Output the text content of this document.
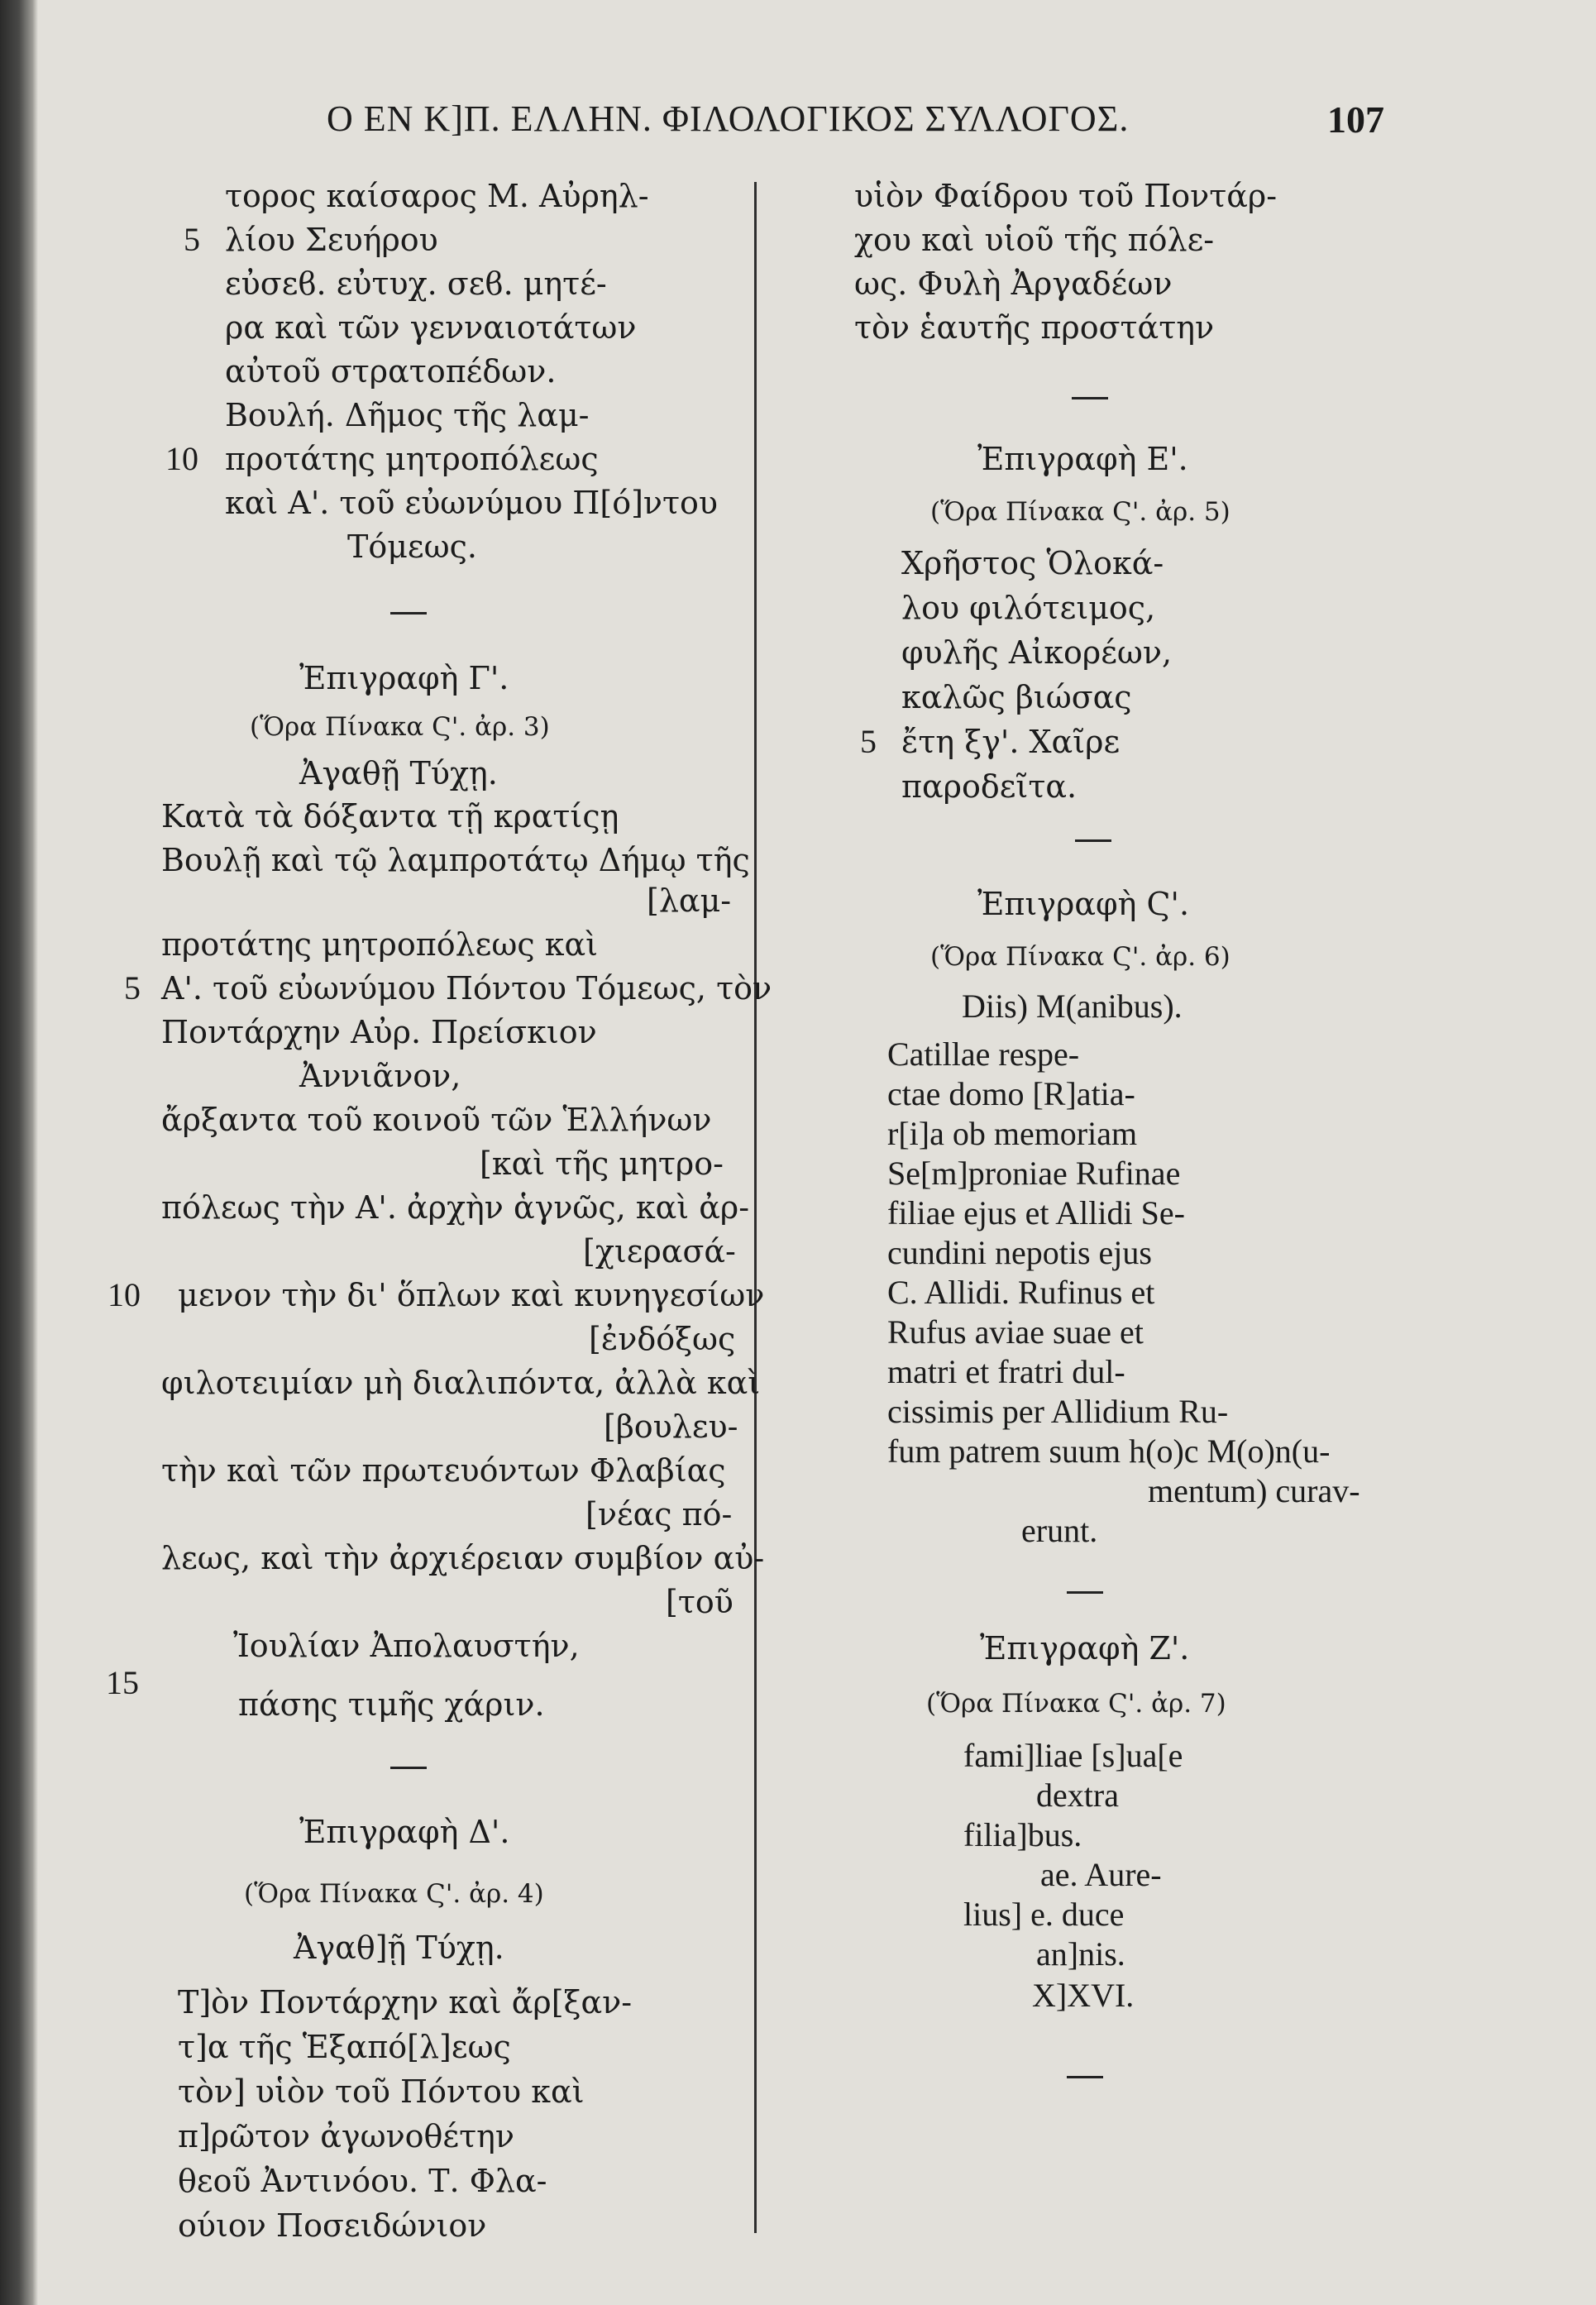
Ο ΕΝ Κ]Π. ΕΛΛΗΝ. ΦΙΛΟΛΟΓΙΚΟΣ ΣΥΛΛΟΓΟΣ.	107
τορος καίσαρος Μ. Αὐρηλ-
λίου Σευήρου
εὐσεϐ. εὐτυχ. σεϐ. μητέ-
ρα καὶ τῶν γενναιοτάτων
αὐτοῦ στρατοπέδων.
Βουλή. Δῆμος τῆς λαμ-
προτάτης μητροπόλεως
καὶ Α'. τοῦ εὐωνύμου Π[ό]ντου
Τόμεως.
5
10
Ἐπιγραφὴ Γ'.
(Ὅρα Πίνακα Ϛ'. ἀρ. 3)
Ἀγαθῇ Τύχῃ.
Κατὰ τὰ δόξαντα τῇ κρατίςῃ
Βουλῇ καὶ τῷ λαμπροτάτῳ Δήμῳ τῆς
[λαμ-
προτάτης μητροπόλεως καὶ
Α'. τοῦ εὐωνύμου Πόντου Τόμεως, τὸν
Ποντάρχην Αὐρ. Πρείσκιον
Ἀννιᾶνον,
ἄρξαντα τοῦ κοινοῦ τῶν Ἑλλήνων
[καὶ τῆς μητρο-
πόλεως τὴν Α'. ἀρχὴν ἁγνῶς, καὶ ἀρ-
[χιερασά-
μενον τὴν δι' ὅπλων καὶ κυνηγεσίων
[ἐνδόξως
φιλοτειμίαν μὴ διαλιπόντα, ἀλλὰ καὶ
[βουλευ-
τὴν καὶ τῶν πρωτευόντων Φλαβίας
[νέας πό-
λεως, καὶ τὴν ἀρχιέρειαν συμβίον αὐ-
[τοῦ
Ἰουλίαν Ἀπολαυστήν,
πάσης τιμῆς χάριν.
5
10
15
Ἐπιγραφὴ Δ'.
(Ὅρα Πίνακα Ϛ'. ἀρ. 4)
Ἀγαθ]ῇ Τύχῃ.
Τ]ὸν Ποντάρχην καὶ ἄρ[ξαν-
τ]α τῆς Ἑξαπό[λ]εως
τὸν] υἱὸν τοῦ Πόντου καὶ
π]ρῶτον ἀγωνοθέτην
θεοῦ Ἀντινόου. Τ. Φλα-
ούιον Ποσειδώνιον
υἱὸν Φαίδρου τοῦ Ποντάρ-
χου καὶ υἱοῦ τῆς πόλε-
ως. Φυλὴ Ἀργαδέων
τὸν ἑαυτῆς προστάτην
Ἐπιγραφὴ Ε'.
(Ὅρα Πίνακα Ϛ'. ἀρ. 5)
Χρῆστος Ὁλοκά-
λου φιλότειμος,
φυλῆς Αἰκορέων,
καλῶς βιώσας
ἔτη ξγ'. Χαῖρε
παροδεῖτα.
5
Ἐπιγραφὴ Ϛ'.
(Ὅρα Πίνακα Ϛ'. ἀρ. 6)
Diis) M(anibus).
Catillae respe-
ctae domo [R]atia-
r[i]a ob memoriam
Se[m]proniae Rufinae
filiae ejus et Allidi Se-
cundini nepotis ejus
C. Allidi. Rufinus et
Rufus aviae suae et
matri et fratri dul-
cissimis per Allidium Ru-
fum patrem suum h(o)c M(o)n(u-
mentum) curav-
erunt.
Ἐπιγραφὴ Ζ'.
(Ὅρα Πίνακα Ϛ'. ἀρ. 7)
fami]liae [s]ua[e
dextra
filia]bus.
ae. Aure-
lius] e. duce
an]nis.
X]XVI.
